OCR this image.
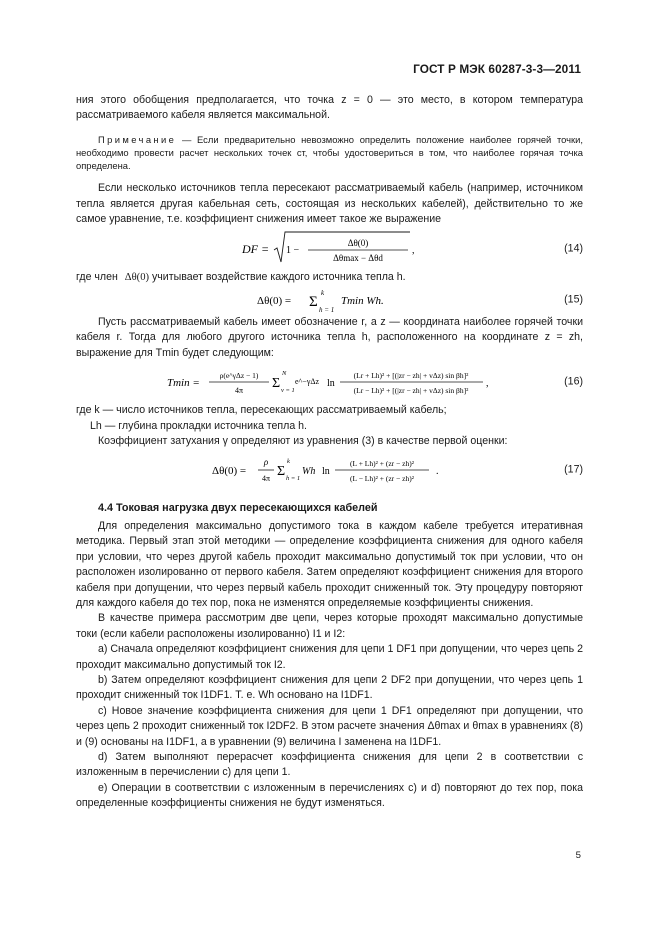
ГОСТ Р МЭК 60287-3-3—2011

ния этого обобщения предполагается, что точка z = 0 — это место, в котором температура рассматриваемого кабеля является максимальной.

Примечание — Если предварительно невозможно определить положение наиболее горячей точки, необходимо провести расчет нескольких точек ст, чтобы удостовериться в том, что наиболее горячая точка определена.

Если несколько источников тепла пересекают рассматриваемый кабель (например, источником тепла является другая кабельная сеть, состоящая из нескольких кабелей), действительно то же самое уравнение, т.е. коэффициент снижения имеет такое же выражение

DF = 1 −
Δθ(0)
Δθmax − Δθd
,	(14)

где член Δθ(0) учитывает воздействие каждого источника тепла h.

Δθ(0) = Σ
k
h = 1
Tmin Wh.	(15)

Пусть рассматриваемый кабель имеет обозначение r, а z — координата наиболее горячей точки кабеля r. Тогда для любого другого источника тепла h, расположенного на координате z = zh, выражение для Tmin будет следующим:

Tmin =
ρ(e^γΔz − 1)
4π Σ
N
v = 1
e^−γΔz ln
(Lr + Lh)² + [(|zr − zh| + vΔz) sin βh]²
(Lr − Lh)² + [(|zr − zh| + vΔz) sin βh]²
,	(16)

где k — число источников тепла, пересекающих рассматриваемый кабель;

Lh — глубина прокладки источника тепла h.

Коэффициент затухания γ определяют из уравнения (3) в качестве первой оценки:

Δθ(0) =
ρ
4π Σ
k
h = 1
Wh ln
(L + Lh)² + (zr − zh)²
(L − Lh)² + (zr − zh)²
.	(17)

4.4 Токовая нагрузка двух пересекающихся кабелей

Для определения максимально допустимого тока в каждом кабеле требуется итеративная методика. Первый этап этой методики — определение коэффициента снижения для одного кабеля при условии, что через другой кабель проходит максимально допустимый ток при условии, что он расположен изолированно от первого кабеля. Затем определяют коэффициент снижения для второго кабеля при допущении, что через первый кабель проходит сниженный ток. Эту процедуру повторяют для каждого кабеля до тех пор, пока не изменятся определяемые коэффициенты снижения.

В качестве примера рассмотрим две цепи, через которые проходят максимально допустимые токи (если кабели расположены изолированно) I1 и I2:

a) Сначала определяют коэффициент снижения для цепи 1 DF1 при допущении, что через цепь 2 проходит максимально допустимый ток I2.

b) Затем определяют коэффициент снижения для цепи 2 DF2 при допущении, что через цепь 1 проходит сниженный ток I1DF1. Т. е. Wh основано на I1DF1.

c) Новое значение коэффициента снижения для цепи 1 DF1 определяют при допущении, что через цепь 2 проходит сниженный ток I2DF2. В этом расчете значения Δθmax и θmax в уравнениях (8) и (9) основаны на I1DF1, а в уравнении (9) величина I заменена на I1DF1.

d) Затем выполняют перерасчет коэффициента снижения для цепи 2 в соответствии с изложенным в перечислении c) для цепи 1.

e) Операции в соответствии с изложенным в перечислениях c) и d) повторяют до тех пор, пока определенные коэффициенты снижения не будут изменяться.

5
